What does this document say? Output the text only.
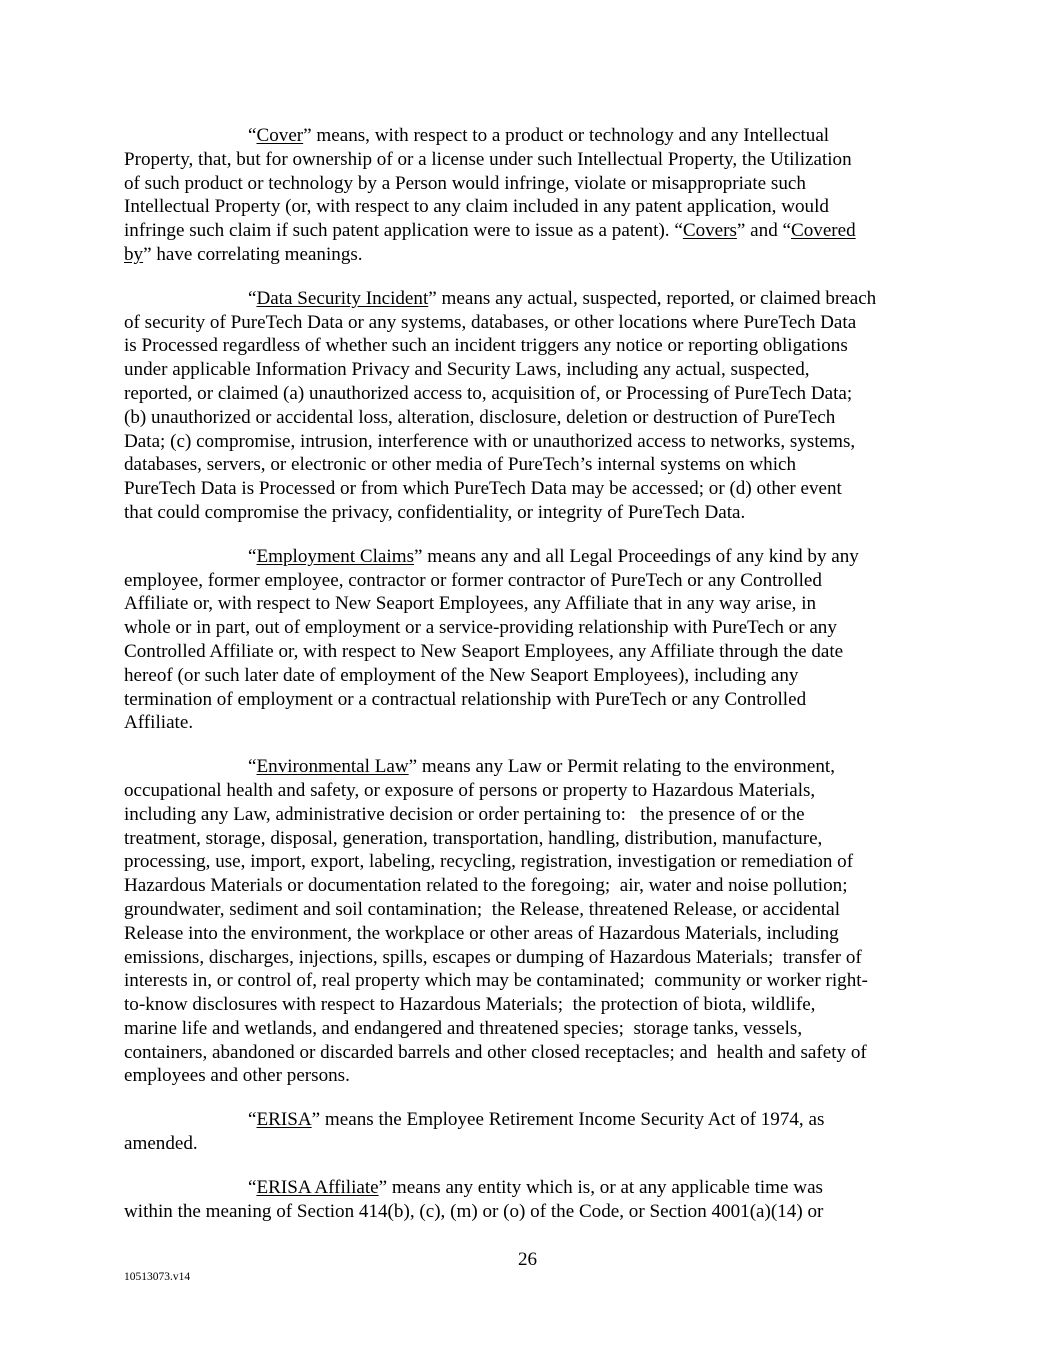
“Cover” means, with respect to a product or technology and any Intellectual
Property, that, but for ownership of or a license under such Intellectual Property, the Utilization
of such product or technology by a Person would infringe, violate or misappropriate such
Intellectual Property (or, with respect to any claim included in any patent application, would
infringe such claim if such patent application were to issue as a patent). “Covers” and “Covered
by” have correlating meanings.

“Data Security Incident” means any actual, suspected, reported, or claimed breach
of security of PureTech Data or any systems, databases, or other locations where PureTech Data
is Processed regardless of whether such an incident triggers any notice or reporting obligations
under applicable Information Privacy and Security Laws, including any actual, suspected,
reported, or claimed (a) unauthorized access to, acquisition of, or Processing of PureTech Data;
(b) unauthorized or accidental loss, alteration, disclosure, deletion or destruction of PureTech
Data; (c) compromise, intrusion, interference with or unauthorized access to networks, systems,
databases, servers, or electronic or other media of PureTech’s internal systems on which
PureTech Data is Processed or from which PureTech Data may be accessed; or (d) other event
that could compromise the privacy, confidentiality, or integrity of PureTech Data.

“Employment Claims” means any and all Legal Proceedings of any kind by any
employee, former employee, contractor or former contractor of PureTech or any Controlled
Affiliate or, with respect to New Seaport Employees, any Affiliate that in any way arise, in
whole or in part, out of employment or a service-providing relationship with PureTech or any
Controlled Affiliate or, with respect to New Seaport Employees, any Affiliate through the date
hereof (or such later date of employment of the New Seaport Employees), including any
termination of employment or a contractual relationship with PureTech or any Controlled
Affiliate.

“Environmental Law” means any Law or Permit relating to the environment,
occupational health and safety, or exposure of persons or property to Hazardous Materials,
including any Law, administrative decision or order pertaining to:   the presence of or the
treatment, storage, disposal, generation, transportation, handling, distribution, manufacture,
processing, use, import, export, labeling, recycling, registration, investigation or remediation of
Hazardous Materials or documentation related to the foregoing;  air, water and noise pollution;
groundwater, sediment and soil contamination;  the Release, threatened Release, or accidental
Release into the environment, the workplace or other areas of Hazardous Materials, including
emissions, discharges, injections, spills, escapes or dumping of Hazardous Materials;  transfer of
interests in, or control of, real property which may be contaminated;  community or worker right-
to-know disclosures with respect to Hazardous Materials;  the protection of biota, wildlife,
marine life and wetlands, and endangered and threatened species;  storage tanks, vessels,
containers, abandoned or discarded barrels and other closed receptacles; and  health and safety of
employees and other persons.

“ERISA” means the Employee Retirement Income Security Act of 1974, as
amended.

“ERISA Affiliate” means any entity which is, or at any applicable time was
within the meaning of Section 414(b), (c), (m) or (o) of the Code, or Section 4001(a)(14) or

26
10513073.v14
